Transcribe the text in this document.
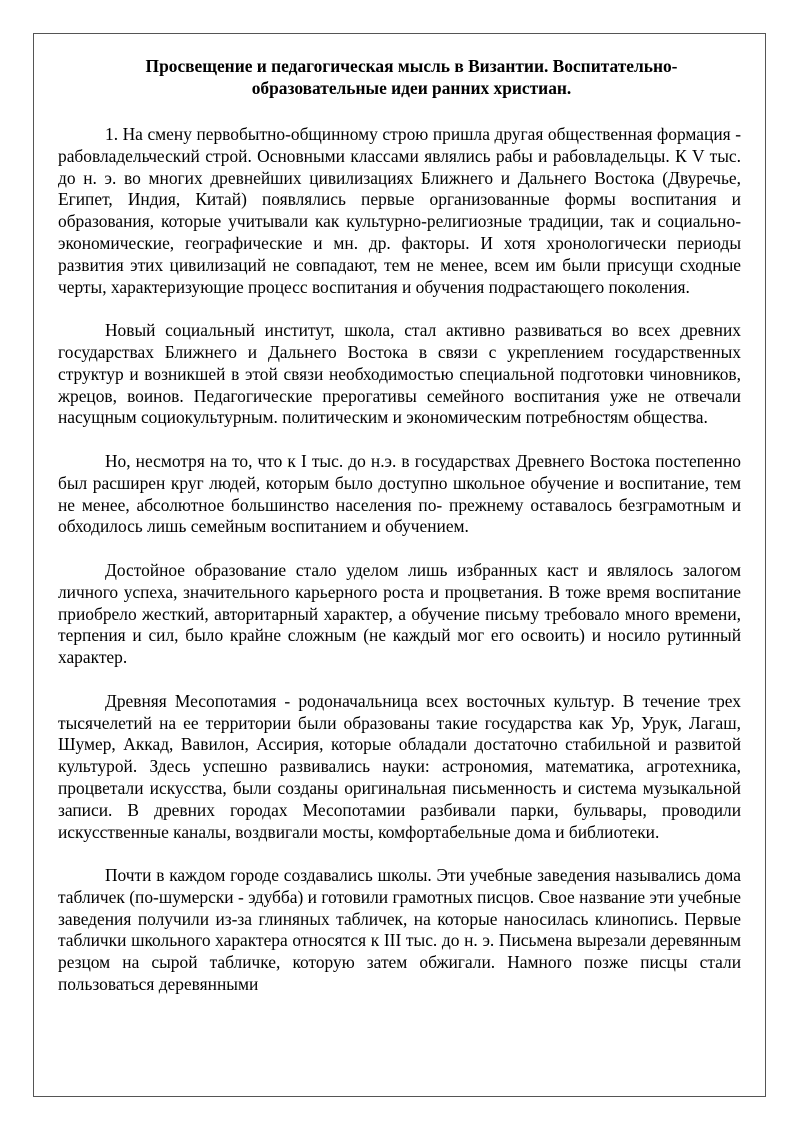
Просвещение и педагогическая мысль в Византии. Воспитательно-
образовательные идеи ранних христиан.

1. На смену первобытно-общинному строю пришла другая общественная формация - рабовладельческий строй. Основными классами являлись рабы и рабовладельцы. К V тыс. до н. э. во многих древнейших цивилизациях Ближнего и Дальнего Востока (Двуречье, Египет, Индия, Китай) появлялись первые организованные формы воспитания и образования, которые учитывали как культурно-религиозные традиции, так и социально-экономические, географические и мн. др. факторы. И хотя хронологически периоды развития этих цивилизаций не совпадают, тем не менее, всем им были присущи сходные черты, характеризующие процесс воспитания и обучения подрастающего поколения.

Новый социальный институт, школа, стал активно развиваться во всех древних государствах Ближнего и Дальнего Востока в связи с укреплением государственных структур и возникшей в этой связи необходимостью специальной подготовки чиновников, жрецов, воинов. Педагогические прерогативы семейного воспитания уже не отвечали насущным социокультурным. политическим и экономическим потребностям общества.

Но, несмотря на то, что к I тыс. до н.э. в государствах Древнего Востока постепенно был расширен круг людей, которым было доступно школьное обучение и воспитание, тем не менее, абсолютное большинство населения по- прежнему оставалось безграмотным и обходилось лишь семейным воспитанием и обучением.

Достойное образование стало уделом лишь избранных каст и являлось залогом личного успеха, значительного карьерного роста и процветания. В тоже время воспитание приобрело жесткий, авторитарный характер, а обучение письму требовало много времени, терпения и сил, было крайне сложным (не каждый мог его освоить) и носило рутинный характер.

Древняя Месопотамия - родоначальница всех восточных культур. В течение трех тысячелетий на ее территории были образованы такие государства как Ур, Урук, Лагаш, Шумер, Аккад, Вавилон, Ассирия, которые обладали достаточно стабильной и развитой культурой. Здесь успешно развивались науки: астрономия, математика, агротехника, процветали искусства, были созданы оригинальная письменность и система музыкальной записи. В древних городах Месопотамии разбивали парки, бульвары, проводили искусственные каналы, воздвигали мосты, комфортабельные дома и библиотеки.

Почти в каждом городе создавались школы. Эти учебные заведения назывались дома табличек (по-шумерски - эдубба) и готовили грамотных писцов. Свое название эти учебные заведения получили из-за глиняных табличек, на которые наносилась клинопись. Первые таблички школьного характера относятся к III тыс. до н. э. Письмена вырезали деревянным резцом на сырой табличке, которую затем обжигали. Намного позже писцы стали пользоваться деревянными
